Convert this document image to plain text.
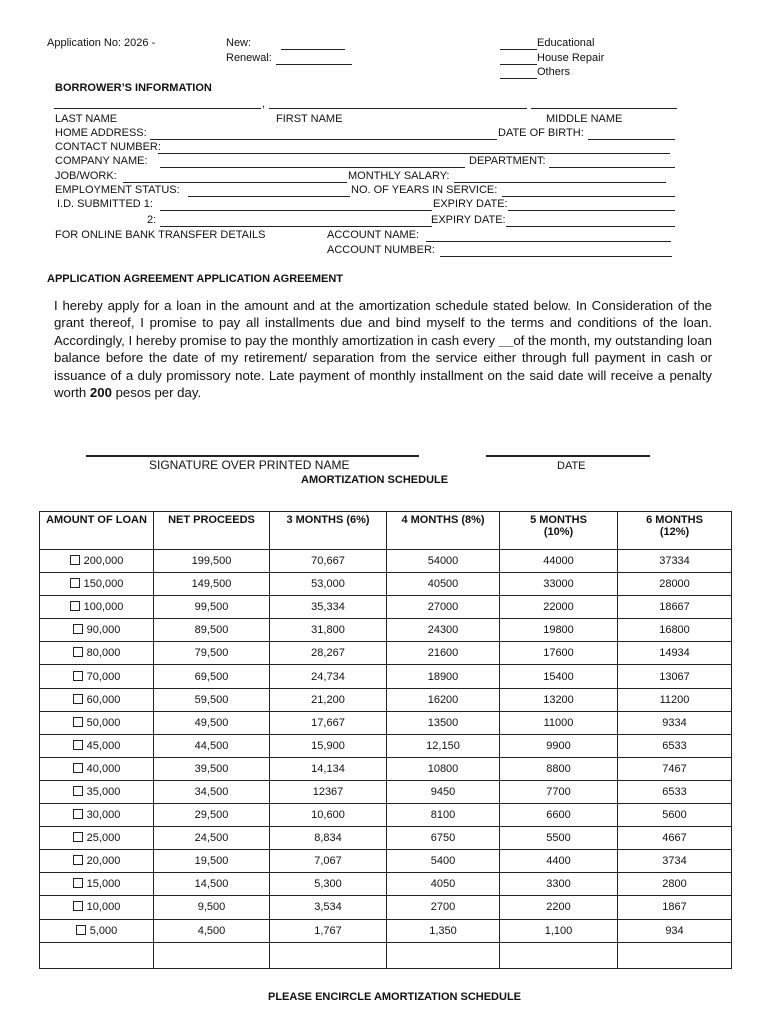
Application No: 2026 -	New:
Renewal:
Educational
House Repair
Others
BORROWER’S INFORMATION
,
LAST NAME	FIRST NAME	MIDDLE NAME
HOME ADDRESS:	DATE OF BIRTH:
CONTACT NUMBER:
COMPANY NAME:	DEPARTMENT:
JOB/WORK:	MONTHLY SALARY:
EMPLOYMENT STATUS:	NO. OF YEARS IN SERVICE:
I.D. SUBMITTED 1:	EXPIRY DATE:
2:	EXPIRY DATE:
FOR ONLINE BANK TRANSFER DETAILS	ACCOUNT NAME:
ACCOUNT NUMBER:
APPLICATION AGREEMENT APPLICATION AGREEMENT
I hereby apply for a loan in the amount and at the amortization schedule stated below. In Consideration of the grant thereof, I promise to pay all installments due and bind myself to the terms and conditions of the loan. Accordingly, I hereby promise to pay the monthly amortization in cash every __of the month, my outstanding loan balance before the date of my retirement/ separation from the service either through full payment in cash or issuance of a duly promissory note. Late payment of monthly installment on the said date will receive a penalty worth 200 pesos per day.
SIGNATURE OVER PRINTED NAME	DATE
AMORTIZATION SCHEDULE
AMOUNT OF LOAN	NET PROCEEDS	3 MONTHS (6%)	4 MONTHS (8%)	5 MONTHS (10%)	6 MONTHS (12%)
200,000	199,500	70,667	54000	44000	37334
150,000	149,500	53,000	40500	33000	28000
100,000	99,500	35,334	27000	22000	18667
90,000	89,500	31,800	24300	19800	16800
80,000	79,500	28,267	21600	17600	14934
70,000	69,500	24,734	18900	15400	13067
60,000	59,500	21,200	16200	13200	11200
50,000	49,500	17,667	13500	11000	9334
45,000	44,500	15,900	12,150	9900	6533
40,000	39,500	14,134	10800	8800	7467
35,000	34,500	12367	9450	7700	6533
30,000	29,500	10,600	8100	6600	5600
25,000	24,500	8,834	6750	5500	4667
20,000	19,500	7,067	5400	4400	3734
15,000	14,500	5,300	4050	3300	2800
10,000	9,500	3,534	2700	2200	1867
5,000	4,500	1,767	1,350	1,100	934

PLEASE ENCIRCLE AMORTIZATION SCHEDULE
